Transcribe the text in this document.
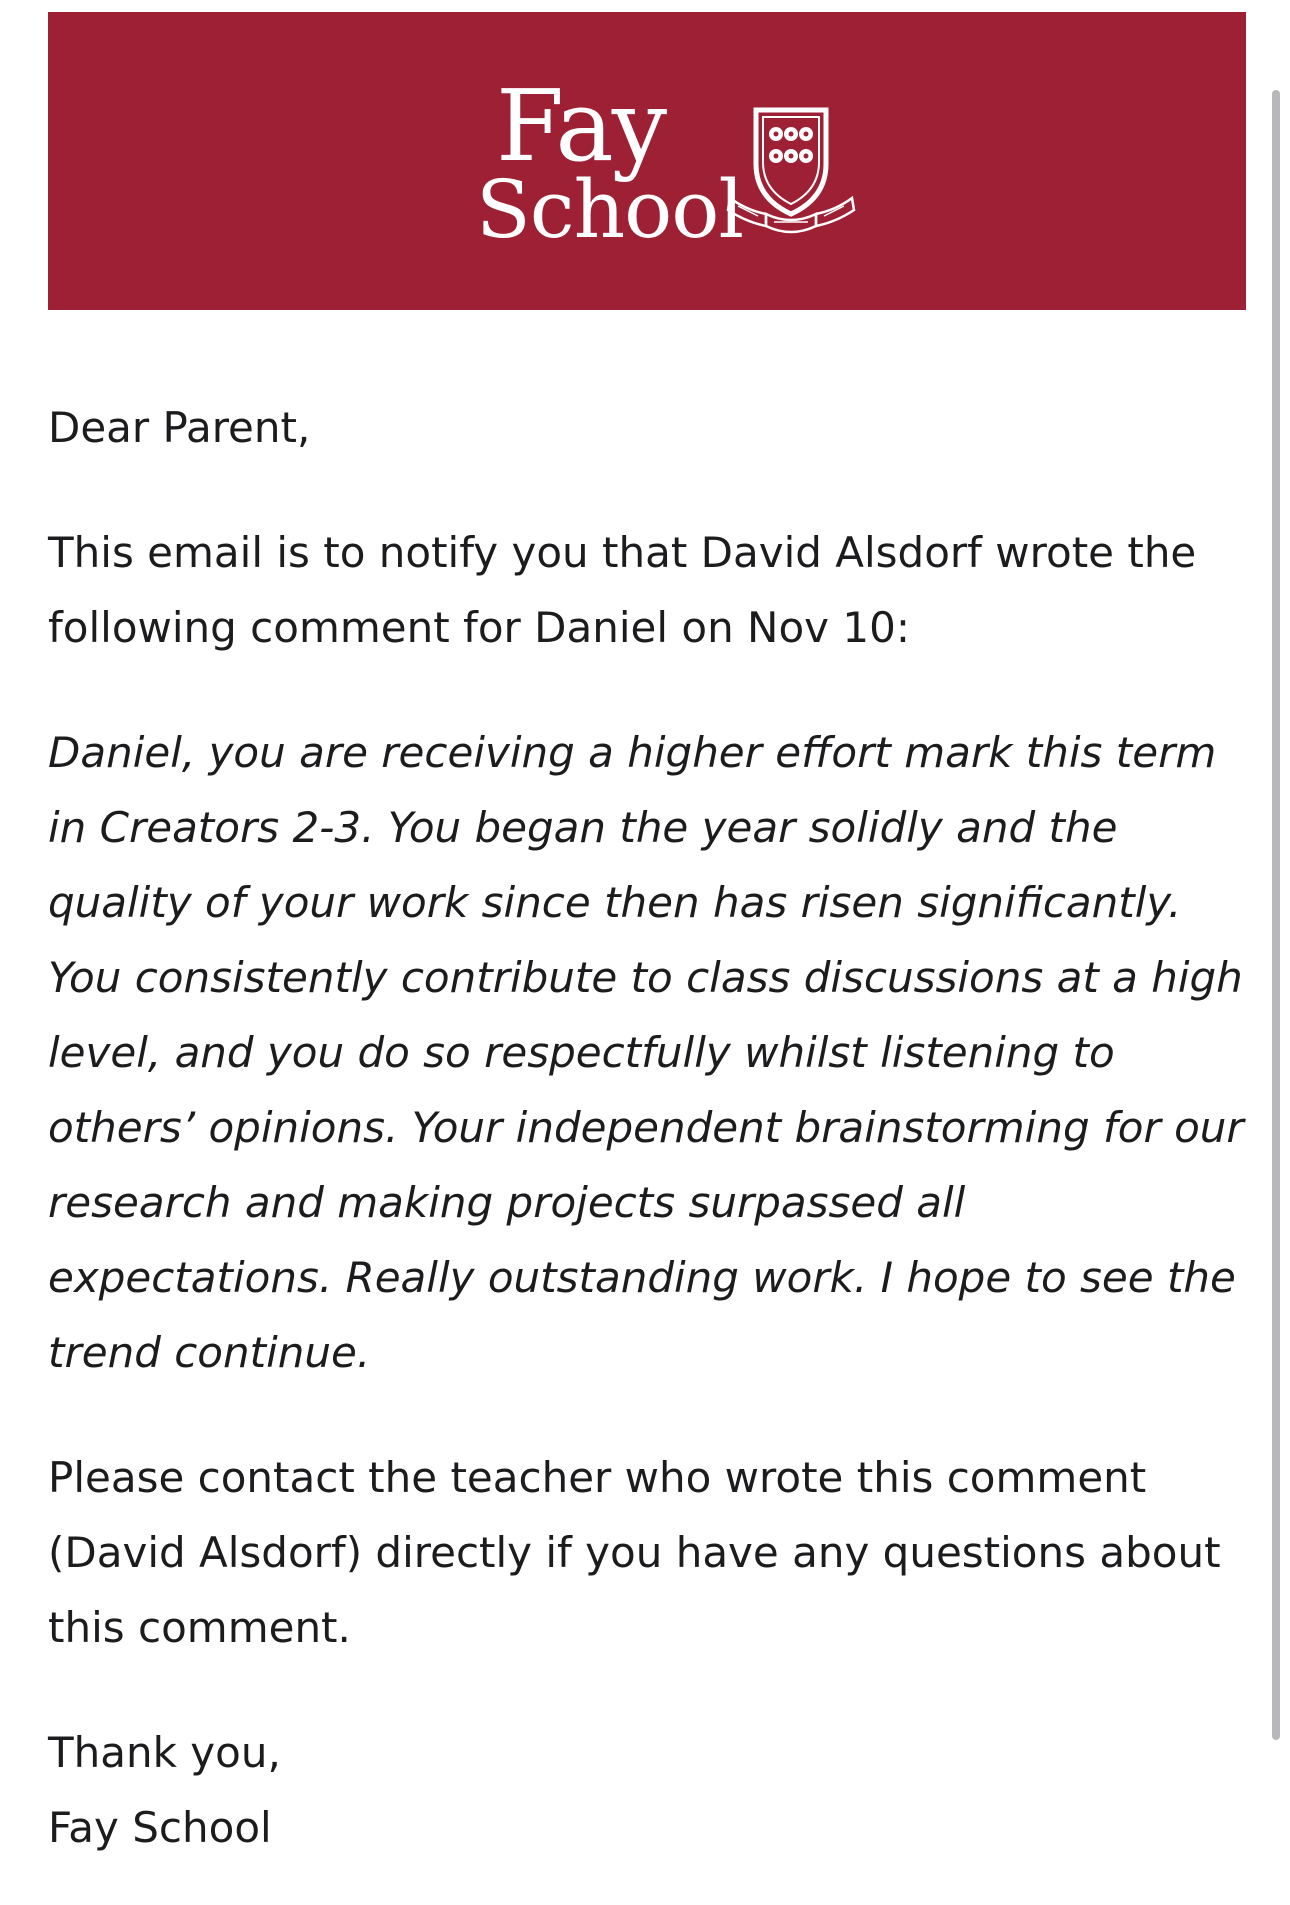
Fay
School

Dear Parent,

This email is to notify you that David Alsdorf wrote the following comment for Daniel on Nov 10:

Daniel, you are receiving a higher effort mark this term in Creators 2-3. You began the year solidly and the quality of your work since then has risen significantly. You consistently contribute to class discussions at a high level, and you do so respectfully whilst listening to others’ opinions. Your independent brainstorming for our research and making projects surpassed all expectations. Really outstanding work. I hope to see the trend continue.

Please contact the teacher who wrote this comment (David Alsdorf) directly if you have any questions about this comment.

Thank you,

Fay School
